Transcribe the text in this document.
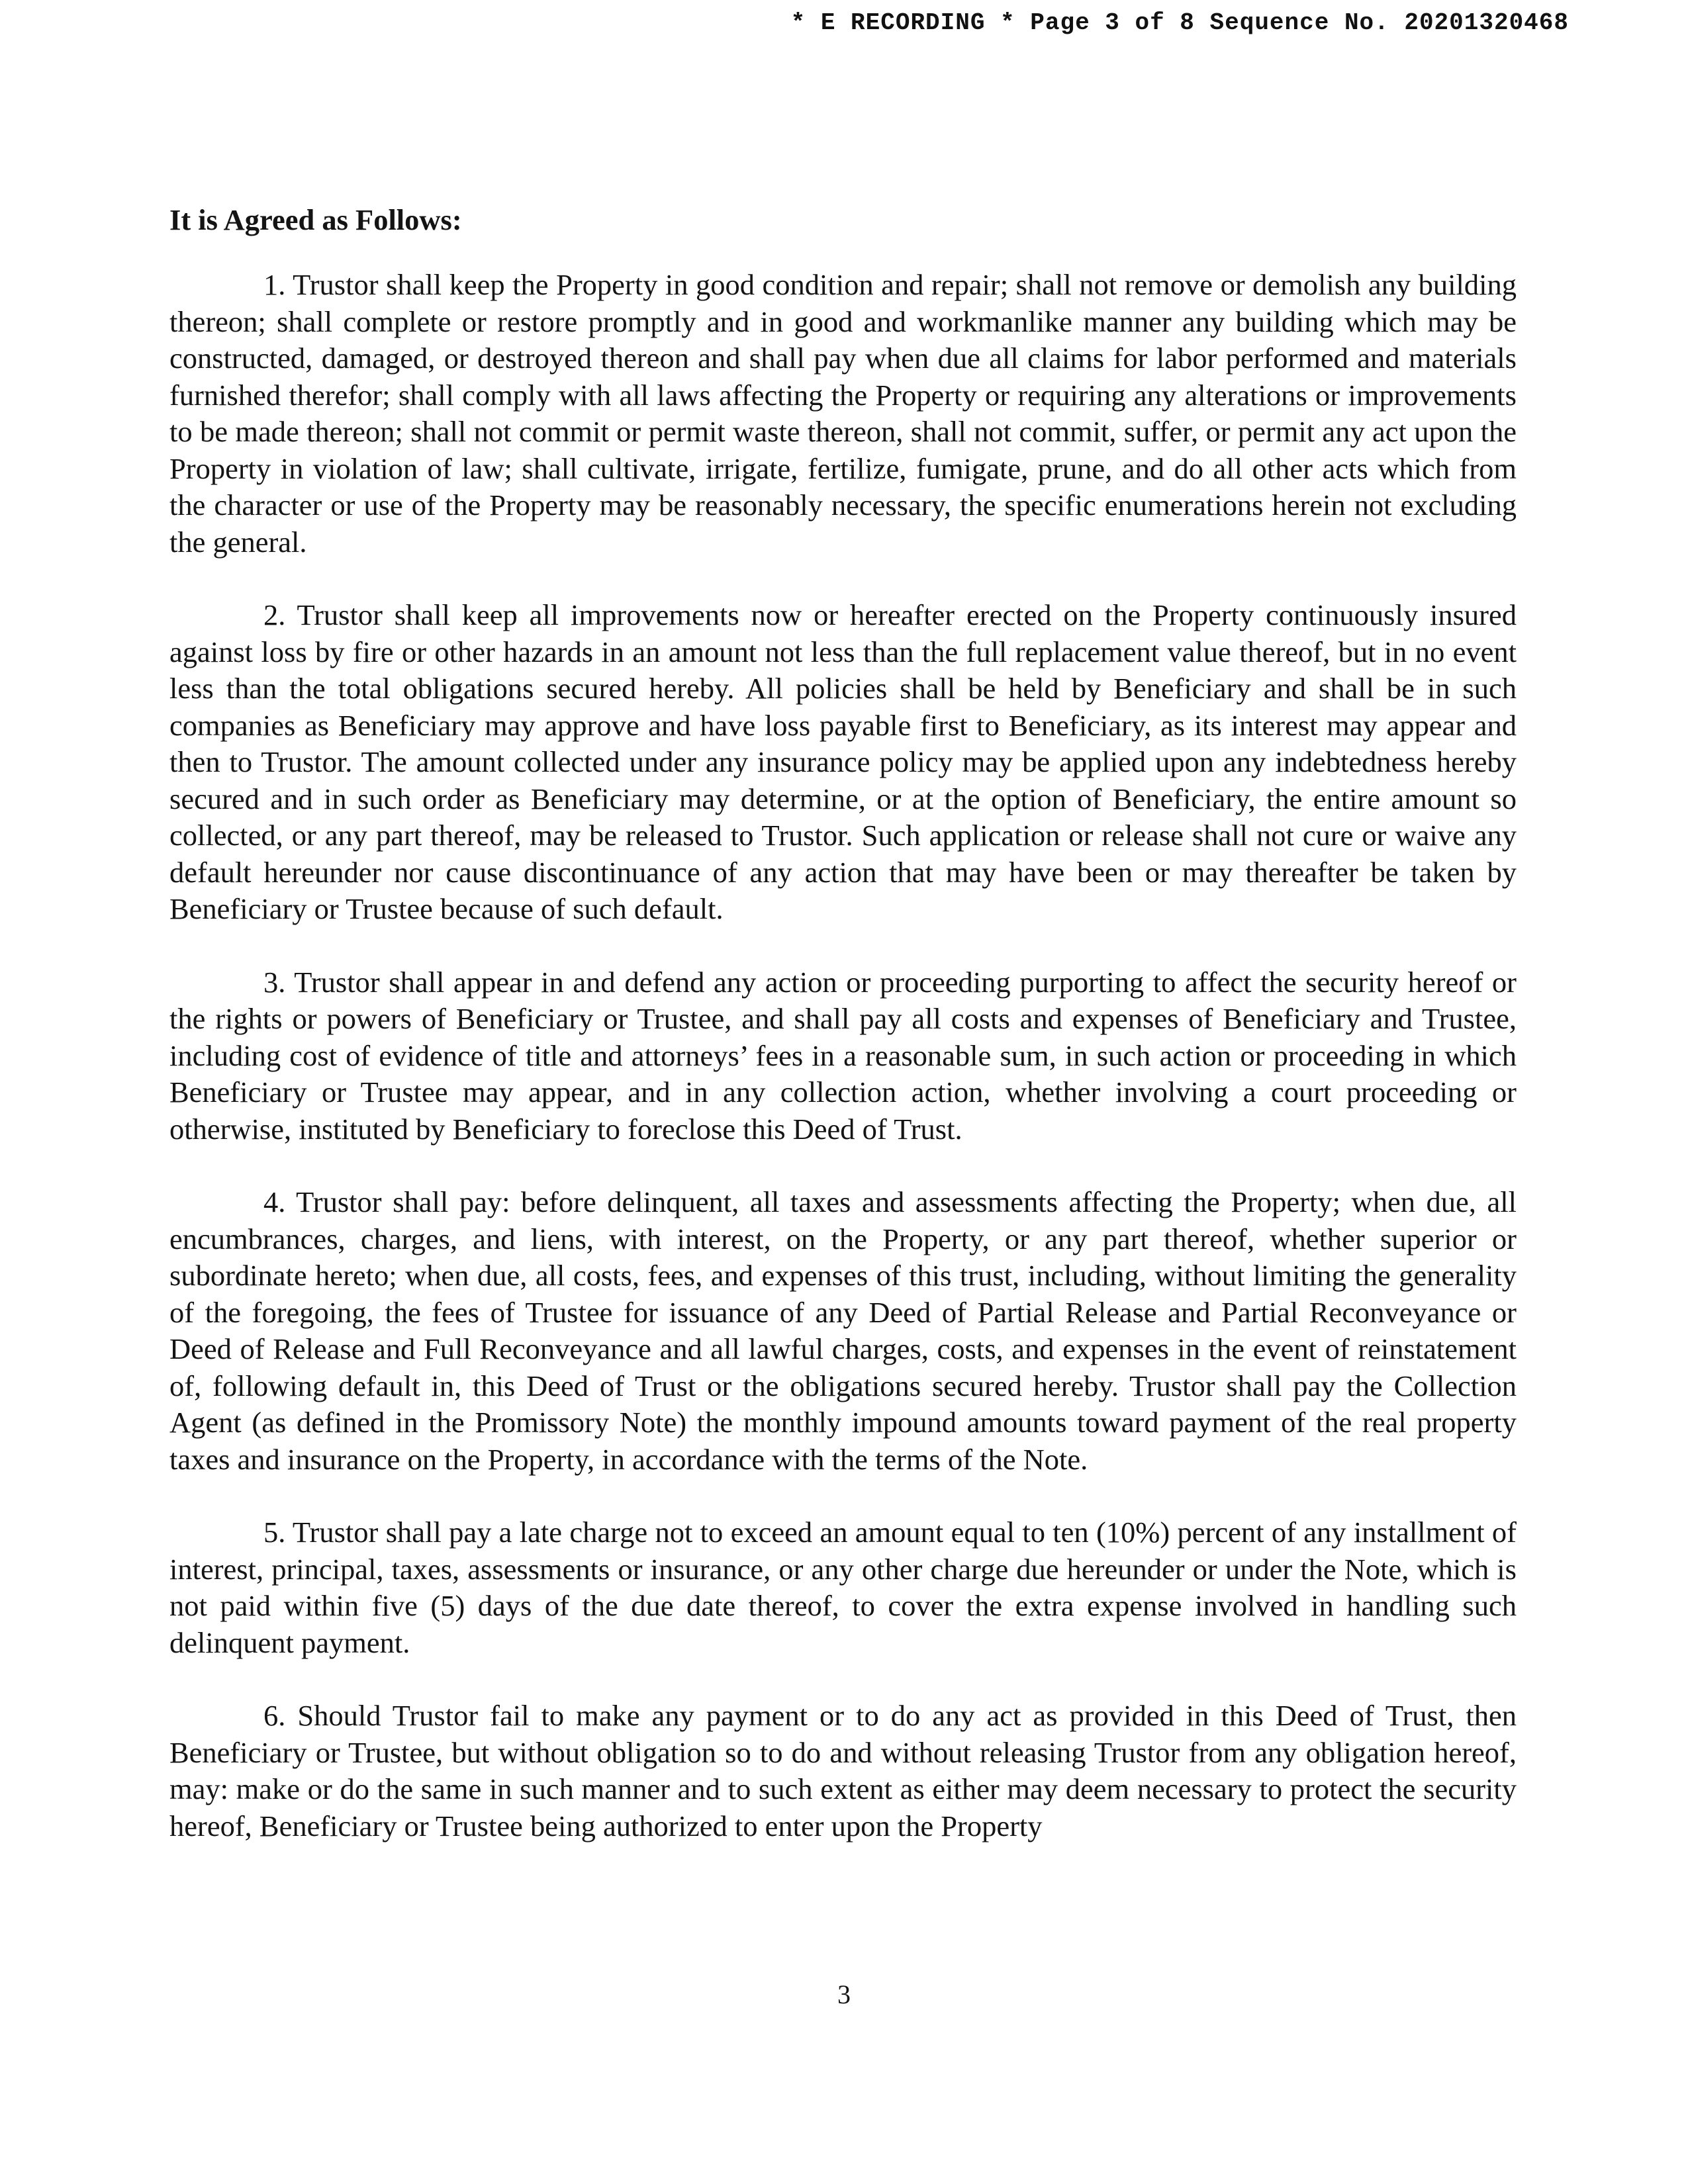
* E RECORDING * Page 3 of 8 Sequence No. 20201320468
It is Agreed as Follows:

1. Trustor shall keep the Property in good condition and repair; shall not remove or demolish any building thereon; shall complete or restore promptly and in good and workmanlike manner any building which may be constructed, damaged, or destroyed thereon and shall pay when due all claims for labor performed and materials furnished therefor; shall comply with all laws affecting the Property or requiring any alterations or improvements to be made thereon; shall not commit or permit waste thereon, shall not commit, suffer, or permit any act upon the Property in violation of law; shall cultivate, irrigate, fertilize, fumigate, prune, and do all other acts which from the character or use of the Property may be reasonably necessary, the specific enumerations herein not excluding the general.

2. Trustor shall keep all improvements now or hereafter erected on the Property continuously insured against loss by fire or other hazards in an amount not less than the full replacement value thereof, but in no event less than the total obligations secured hereby. All policies shall be held by Beneficiary and shall be in such companies as Beneficiary may approve and have loss payable first to Beneficiary, as its interest may appear and then to Trustor. The amount collected under any insurance policy may be applied upon any indebtedness hereby secured and in such order as Beneficiary may determine, or at the option of Beneficiary, the entire amount so collected, or any part thereof, may be released to Trustor. Such application or release shall not cure or waive any default hereunder nor cause discontinuance of any action that may have been or may thereafter be taken by Beneficiary or Trustee because of such default.

3. Trustor shall appear in and defend any action or proceeding purporting to affect the security hereof or the rights or powers of Beneficiary or Trustee, and shall pay all costs and expenses of Beneficiary and Trustee, including cost of evidence of title and attorneys’ fees in a reasonable sum, in such action or proceeding in which Beneficiary or Trustee may appear, and in any collection action, whether involving a court proceeding or otherwise, instituted by Beneficiary to foreclose this Deed of Trust.

4. Trustor shall pay: before delinquent, all taxes and assessments affecting the Property; when due, all encumbrances, charges, and liens, with interest, on the Property, or any part thereof, whether superior or subordinate hereto; when due, all costs, fees, and expenses of this trust, including, without limiting the generality of the foregoing, the fees of Trustee for issuance of any Deed of Partial Release and Partial Reconveyance or Deed of Release and Full Reconveyance and all lawful charges, costs, and expenses in the event of reinstatement of, following default in, this Deed of Trust or the obligations secured hereby. Trustor shall pay the Collection Agent (as defined in the Promissory Note) the monthly impound amounts toward payment of the real property taxes and insurance on the Property, in accordance with the terms of the Note.

5. Trustor shall pay a late charge not to exceed an amount equal to ten (10%) percent of any installment of interest, principal, taxes, assessments or insurance, or any other charge due hereunder or under the Note, which is not paid within five (5) days of the due date thereof, to cover the extra expense involved in handling such delinquent payment.

6. Should Trustor fail to make any payment or to do any act as provided in this Deed of Trust, then Beneficiary or Trustee, but without obligation so to do and without releasing Trustor from any obligation hereof, may: make or do the same in such manner and to such extent as either may deem necessary to protect the security hereof, Beneficiary or Trustee being authorized to enter upon the Property

3
